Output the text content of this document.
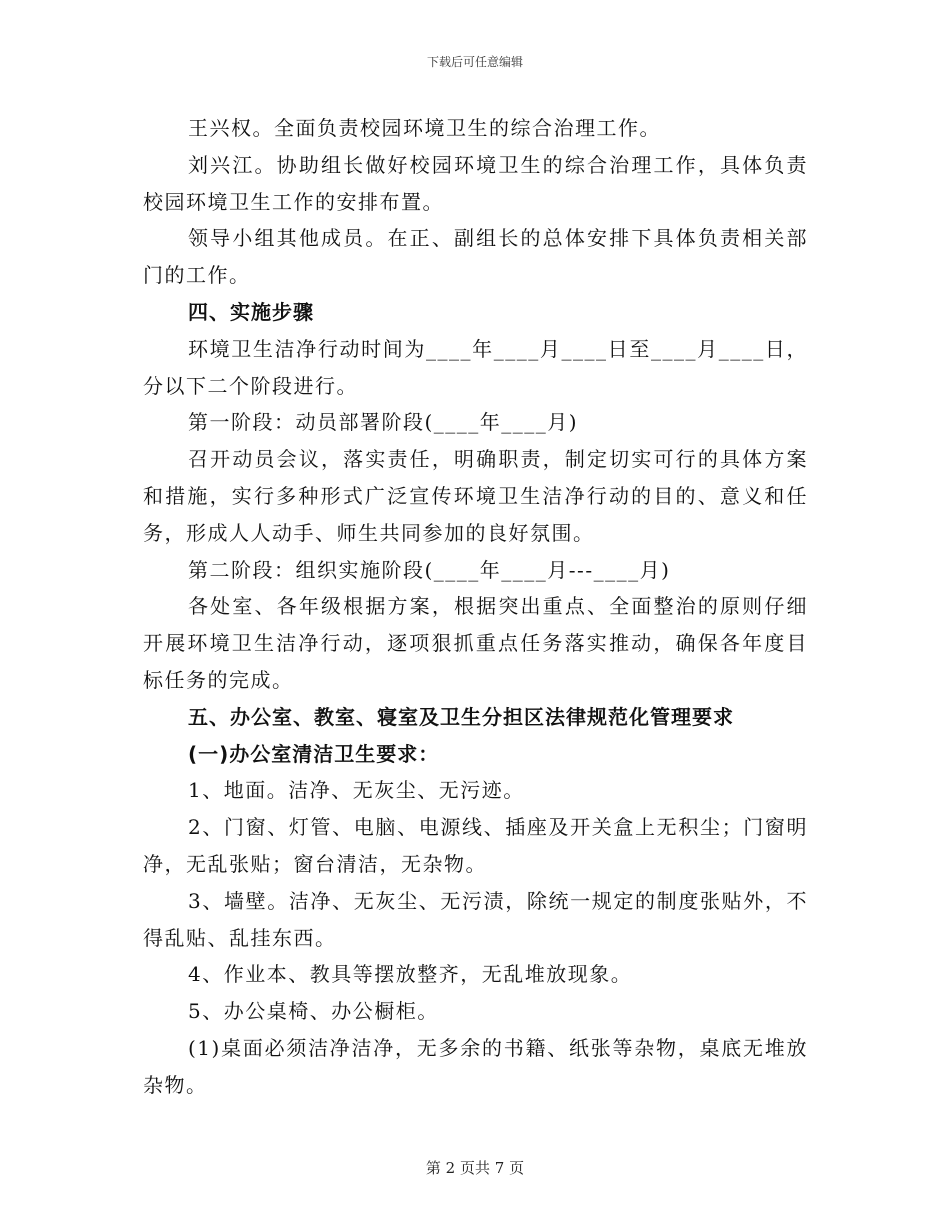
下载后可任意编辑

王兴权。全面负责校园环境卫生的综合治理工作。

刘兴江。协助组长做好校园环境卫生的综合治理工作，具体负责校园环境卫生工作的安排布置。

领导小组其他成员。在正、副组长的总体安排下具体负责相关部门的工作。

四、实施步骤

环境卫生洁净行动时间为____年____月____日至____月____日，分以下二个阶段进行。

第一阶段：动员部署阶段(____年____月)

召开动员会议，落实责任，明确职责，制定切实可行的具体方案和措施，实行多种形式广泛宣传环境卫生洁净行动的目的、意义和任务，形成人人动手、师生共同参加的良好氛围。

第二阶段：组织实施阶段(____年____月---____月)

各处室、各年级根据方案，根据突出重点、全面整治的原则仔细开展环境卫生洁净行动，逐项狠抓重点任务落实推动，确保各年度目标任务的完成。

五、办公室、教室、寝室及卫生分担区法律规范化管理要求

(一)办公室清洁卫生要求：

1、地面。洁净、无灰尘、无污迹。

2、门窗、灯管、电脑、电源线、插座及开关盒上无积尘；门窗明净，无乱张贴；窗台清洁，无杂物。

3、墙壁。洁净、无灰尘、无污渍，除统一规定的制度张贴外，不得乱贴、乱挂东西。

4、作业本、教具等摆放整齐，无乱堆放现象。

5、办公桌椅、办公橱柜。

(1)桌面必须洁净洁净，无多余的书籍、纸张等杂物，桌底无堆放杂物。

第 2 页共 7 页
